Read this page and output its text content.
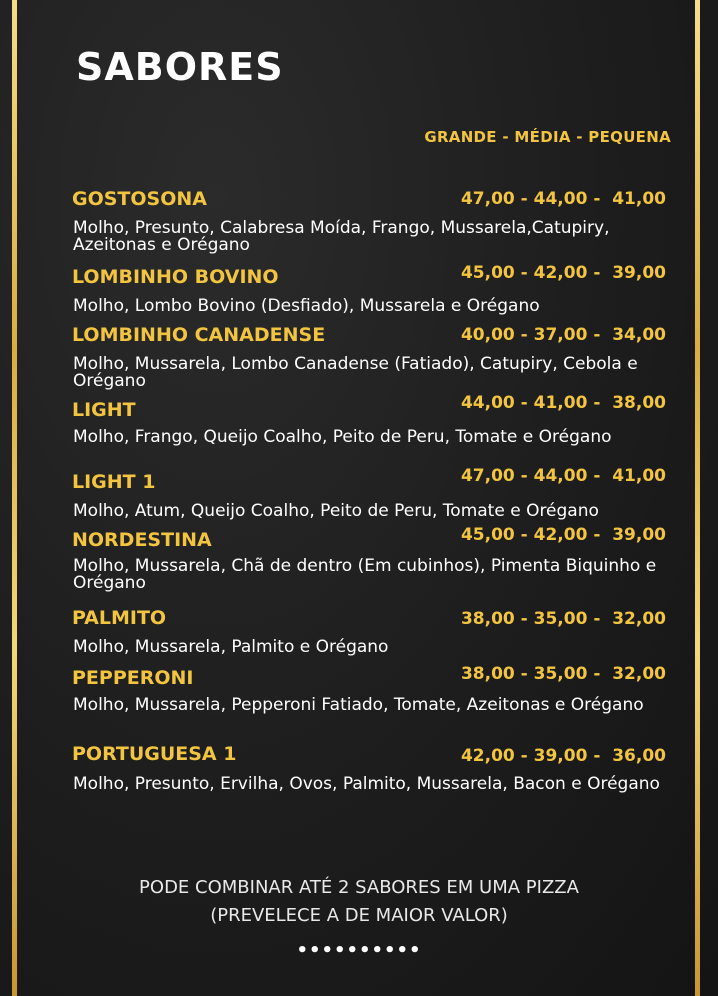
SABORES
GRANDE - MÉDIA - PEQUENA
GOSTOSONA	47,00 - 44,00 -  41,00
Molho, Presunto, Calabresa Moída, Frango, Mussarela,Catupiry, Azeitonas e Orégano
LOMBINHO BOVINO	45,00 - 42,00 -  39,00
Molho, Lombo Bovino (Desfiado), Mussarela e Orégano
LOMBINHO CANADENSE	40,00 - 37,00 -  34,00
Molho, Mussarela, Lombo Canadense (Fatiado), Catupiry, Cebola e Orégano
LIGHT	44,00 - 41,00 -  38,00
Molho, Frango, Queijo Coalho, Peito de Peru, Tomate e Orégano
LIGHT 1	47,00 - 44,00 -  41,00
Molho, Atum, Queijo Coalho, Peito de Peru, Tomate e Orégano
NORDESTINA	45,00 - 42,00 -  39,00
Molho, Mussarela, Chã de dentro (Em cubinhos), Pimenta Biquinho e Orégano
PALMITO	38,00 - 35,00 -  32,00
Molho, Mussarela, Palmito e Orégano
PEPPERONI	38,00 - 35,00 -  32,00
Molho, Mussarela, Pepperoni Fatiado, Tomate, Azeitonas e Orégano
PORTUGUESA 1	42,00 - 39,00 -  36,00
Molho, Presunto, Ervilha, Ovos, Palmito, Mussarela, Bacon e Orégano
PODE COMBINAR ATÉ 2 SABORES EM UMA PIZZA
(PREVELECE A DE MAIOR VALOR)
••••••••••
